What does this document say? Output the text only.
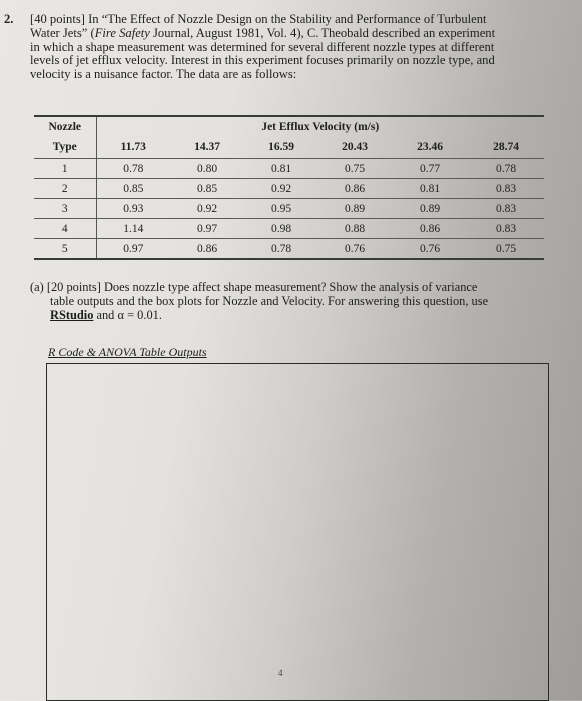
2. [40 points] In “The Effect of Nozzle Design on the Stability and Performance of Turbulent

Water Jets” (Fire Safety Journal, August 1981, Vol. 4), C. Theobald described an experiment

in which a shape measurement was determined for several different nozzle types at different

levels of jet efflux velocity. Interest in this experiment focuses primarily on nozzle type, and

velocity is a nuisance factor. The data are as follows:

Nozzle	Jet Efflux Velocity (m/s)					
Type	11.73	14.37	16.59	20.43	23.46	28.74
1	0.78	0.80	0.81	0.75	0.77	0.78
2	0.85	0.85	0.92	0.86	0.81	0.83
3	0.93	0.92	0.95	0.89	0.89	0.83
4	1.14	0.97	0.98	0.88	0.86	0.83
5	0.97	0.86	0.78	0.76	0.76	0.75

(a) [20 points] Does nozzle type affect shape measurement? Show the analysis of variance

table outputs and the box plots for Nozzle and Velocity. For answering this question, use

RStudio and α = 0.01.

R Code & ANOVA Table Outputs
4
